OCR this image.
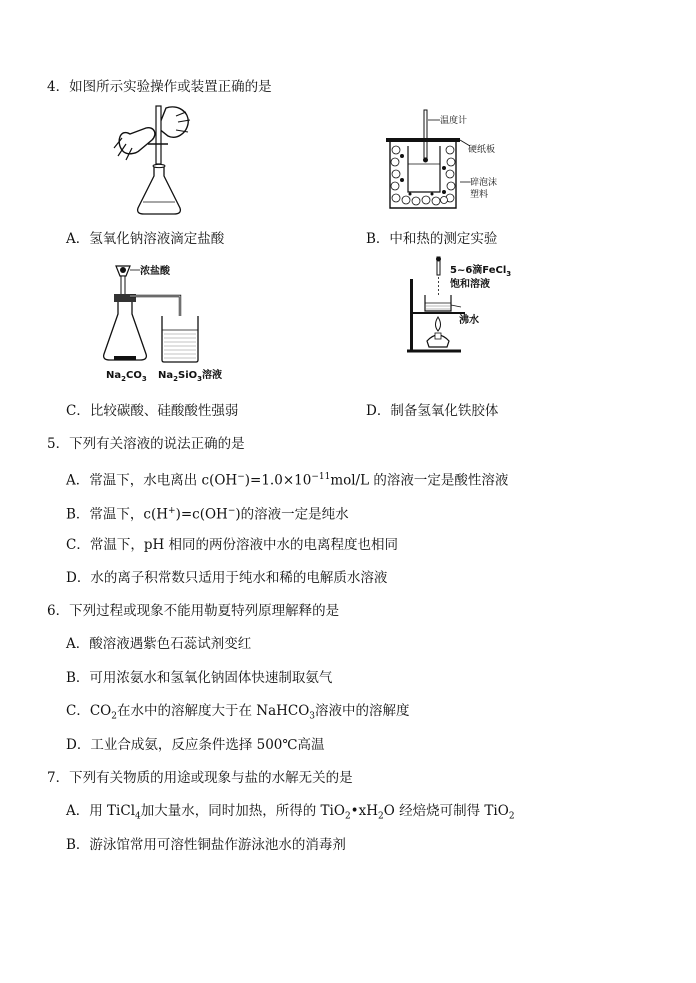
4．如图所示实验操作或装置正确的是
温度计
硬纸板
碎泡沫
塑料
A．氢氧化钠溶液滴定盐酸	B．中和热的测定实验
浓盐酸
$Na_2CO_3$ $Na_2SiO_3$溶液
5~6滴FeCl$_3$
饱和溶液
沸水
C．比较碳酸、硅酸酸性强弱	D．制备氢氧化铁胶体
5．下列有关溶液的说法正确的是
A．常温下，水电离出 $c(OH^-)=1.0\times 10^{-11}mol/L$ 的溶液一定是酸性溶液
B．常温下，c(H+)=c(OH−)的溶液一定是纯水
C．常温下，pH 相同的两份溶液中水的电离程度也相同
D．水的离子积常数只适用于纯水和稀的电解质水溶液
6．下列过程或现象不能用勒夏特列原理解释的是
A．酸溶液遇紫色石蕊试剂变红
B．可用浓氨水和氢氧化钠固体快速制取氨气
C．$CO_2$在水中的溶解度大于在 NaHCO$_3$溶液中的溶解度
D．工业合成氨，反应条件选择 500℃高温
7．下列有关物质的用途或现象与盐的水解无关的是
A．用 TiCl$_4$加大量水，同时加热，所得的 $TiO_2•xH_2O$ 经焙烧可制得 TiO$_2$
B．游泳馆常用可溶性铜盐作游泳池水的消毒剂
